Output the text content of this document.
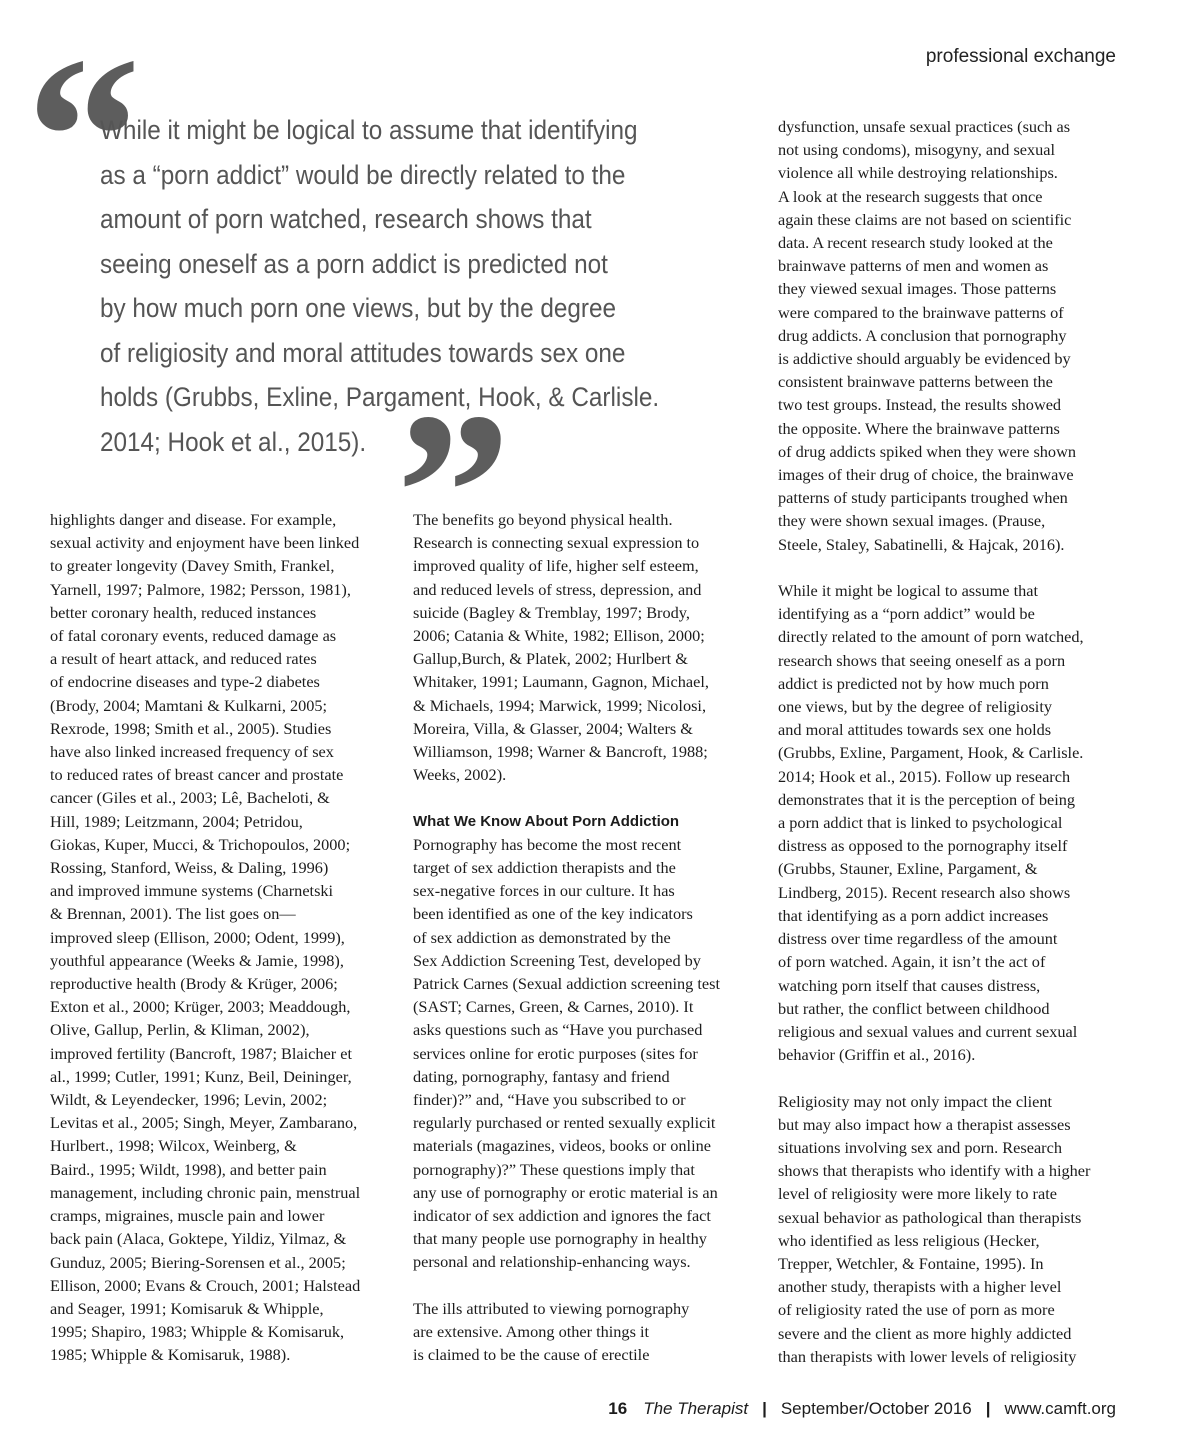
professional exchange
“
”
While it might be logical to assume that identifying
as a “porn addict” would be directly related to the
amount of porn watched, research shows that
seeing oneself as a porn addict is predicted not
by how much porn one views, but by the degree
of religiosity and moral attitudes towards sex one
holds (Grubbs, Exline, Pargament, Hook, & Carlisle.
2014; Hook et al., 2015).
highlights danger and disease. For example,
sexual activity and enjoyment have been linked
to greater longevity (Davey Smith, Frankel,
Yarnell, 1997; Palmore, 1982; Persson, 1981),
better coronary health, reduced instances
of fatal coronary events, reduced damage as
a result of heart attack, and reduced rates
of endocrine diseases and type-2 diabetes
(Brody, 2004; Mamtani & Kulkarni, 2005;
Rexrode, 1998; Smith et al., 2005). Studies
have also linked increased frequency of sex
to reduced rates of breast cancer and prostate
cancer (Giles et al., 2003; Lê, Bacheloti, &
Hill, 1989; Leitzmann, 2004; Petridou,
Giokas, Kuper, Mucci, & Trichopoulos, 2000;
Rossing, Stanford, Weiss, & Daling, 1996)
and improved immune systems (Charnetski
& Brennan, 2001). The list goes on—
improved sleep (Ellison, 2000; Odent, 1999),
youthful appearance (Weeks & Jamie, 1998),
reproductive health (Brody & Krüger, 2006;
Exton et al., 2000; Krüger, 2003; Meaddough,
Olive, Gallup, Perlin, & Kliman, 2002),
improved fertility (Bancroft, 1987; Blaicher et
al., 1999; Cutler, 1991; Kunz, Beil, Deininger,
Wildt, & Leyendecker, 1996; Levin, 2002;
Levitas et al., 2005; Singh, Meyer, Zambarano,
Hurlbert., 1998; Wilcox, Weinberg, &
Baird., 1995; Wildt, 1998), and better pain
management, including chronic pain, menstrual
cramps, migraines, muscle pain and lower
back pain (Alaca, Goktepe, Yildiz, Yilmaz, &
Gunduz, 2005; Biering-Sorensen et al., 2005;
Ellison, 2000; Evans & Crouch, 2001; Halstead
and Seager, 1991; Komisaruk & Whipple,
1995; Shapiro, 1983; Whipple & Komisaruk,
1985; Whipple & Komisaruk, 1988).
The benefits go beyond physical health.
Research is connecting sexual expression to
improved quality of life, higher self esteem,
and reduced levels of stress, depression, and
suicide (Bagley & Tremblay, 1997; Brody,
2006; Catania & White, 1982; Ellison, 2000;
Gallup,Burch, & Platek, 2002; Hurlbert &
Whitaker, 1991; Laumann, Gagnon, Michael,
& Michaels, 1994; Marwick, 1999; Nicolosi,
Moreira, Villa, & Glasser, 2004; Walters &
Williamson, 1998; Warner & Bancroft, 1988;
Weeks, 2002).
What We Know About Porn Addiction
Pornography has become the most recent
target of sex addiction therapists and the
sex-negative forces in our culture. It has
been identified as one of the key indicators
of sex addiction as demonstrated by the
Sex Addiction Screening Test, developed by
Patrick Carnes (Sexual addiction screening test
(SAST; Carnes, Green, & Carnes, 2010). It
asks questions such as “Have you purchased
services online for erotic purposes (sites for
dating, pornography, fantasy and friend
finder)?” and, “Have you subscribed to or
regularly purchased or rented sexually explicit
materials (magazines, videos, books or online
pornography)?” These questions imply that
any use of pornography or erotic material is an
indicator of sex addiction and ignores the fact
that many people use pornography in healthy
personal and relationship-enhancing ways.
The ills attributed to viewing pornography
are extensive. Among other things it
is claimed to be the cause of erectile
dysfunction, unsafe sexual practices (such as
not using condoms), misogyny, and sexual
violence all while destroying relationships.
A look at the research suggests that once
again these claims are not based on scientific
data. A recent research study looked at the
brainwave patterns of men and women as
they viewed sexual images. Those patterns
were compared to the brainwave patterns of
drug addicts. A conclusion that pornography
is addictive should arguably be evidenced by
consistent brainwave patterns between the
two test groups. Instead, the results showed
the opposite. Where the brainwave patterns
of drug addicts spiked when they were shown
images of their drug of choice, the brainwave
patterns of study participants troughed when
they were shown sexual images. (Prause,
Steele, Staley, Sabatinelli, & Hajcak, 2016).
While it might be logical to assume that
identifying as a “porn addict” would be
directly related to the amount of porn watched,
research shows that seeing oneself as a porn
addict is predicted not by how much porn
one views, but by the degree of religiosity
and moral attitudes towards sex one holds
(Grubbs, Exline, Pargament, Hook, & Carlisle.
2014; Hook et al., 2015). Follow up research
demonstrates that it is the perception of being
a porn addict that is linked to psychological
distress as opposed to the pornography itself
(Grubbs, Stauner, Exline, Pargament, &
Lindberg, 2015). Recent research also shows
that identifying as a porn addict increases
distress over time regardless of the amount
of porn watched. Again, it isn’t the act of
watching porn itself that causes distress,
but rather, the conflict between childhood
religious and sexual values and current sexual
behavior (Griffin et al., 2016).
Religiosity may not only impact the client
but may also impact how a therapist assesses
situations involving sex and porn. Research
shows that therapists who identify with a higher
level of religiosity were more likely to rate
sexual behavior as pathological than therapists
who identified as less religious (Hecker,
Trepper, Wetchler, & Fontaine, 1995). In
another study, therapists with a higher level
of religiosity rated the use of porn as more
severe and the client as more highly addicted
than therapists with lower levels of religiosity
16 The Therapist | September/October 2016 | www.camft.org
